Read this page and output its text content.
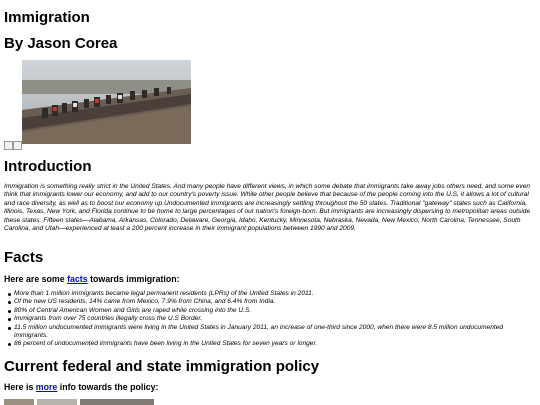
Immigration
By Jason Corea
Introduction

Immigration is something really strict in the United States. And many people have different views, in which some debate that immigrants take away jobs others need, and some even think that immigrants lower our economy, and add to our country's poverty issue. While other people believe that because of the people coming into the U.S, it allows a lot of cultural and race diversity, as well as to boost our economy up.Undocumented immigrants are increasingly settling throughout the 50 states. Traditional "gateway" states such as California, Illinois, Texas, New York, and Florida continue to be home to large percentages of our nation's foreign-born. But immigrants are increasingly dispersing to metropolitan areas outside these states. Fifteen states—Alabama, Arkansas, Colorado, Delaware, Georgia, Idaho, Kentucky, Minnesota, Nebraska, Nevada, New Mexico, North Carolina, Tennessee, South Carolina, and Utah—experienced at least a 200 percent increase in their immigrant populations between 1990 and 2009.

Facts

Here are some facts towards immigration:

More than 1 million immigrants became legal permanent residents (LPRs) of the United States in 2011.
Of the new US residents, 14% came from Mexico, 7.9% from China, and 6.4% from India.
80% of Central American Women and Girls are raped while crossing into the U.S.
Immigrants from over 75 countries illegally cross the U.S Border.
11.5 million undocumented immigrants were living in the United States in January 2011, an increase of one-third since 2000, when there were 8.5 million undocumented immigrants.
86 percent of undocumented immigrants have been living in the United States for seven years or longer.
Current federal and state immigration policy

Here is more info towards the policy:
